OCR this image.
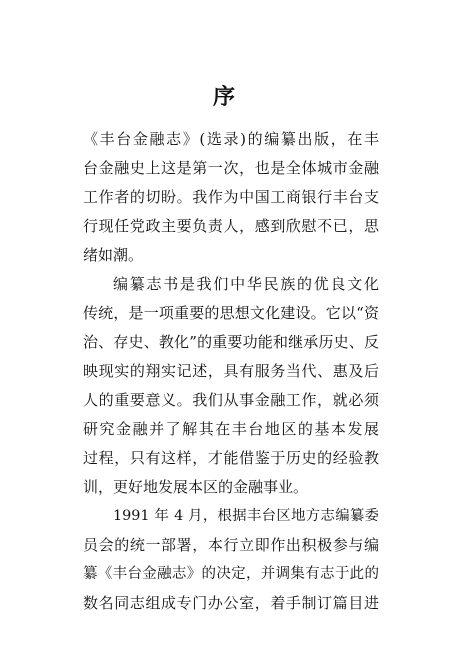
序
《丰台金融志》(选录)的编纂出版，在丰
台金融史上这是第一次，也是全体城市金融
工作者的切盼。我作为中国工商银行丰台支
行现任党政主要负责人，感到欣慰不已，思
绪如潮。
编纂志书是我们中华民族的优良文化
传统，是一项重要的思想文化建设。它以“资
治、存史、教化”的重要功能和继承历史、反
映现实的翔实记述，具有服务当代、惠及后
人的重要意义。我们从事金融工作，就必须
研究金融并了解其在丰台地区的基本发展
过程，只有这样，才能借鉴于历史的经验教
训，更好地发展本区的金融事业。
1991 年 4 月，根据丰台区地方志编纂委
员会的统一部署，本行立即作出积极参与编
纂《丰台金融志》的决定，并调集有志于此的
数名同志组成专门办公室，着手制订篇目进
